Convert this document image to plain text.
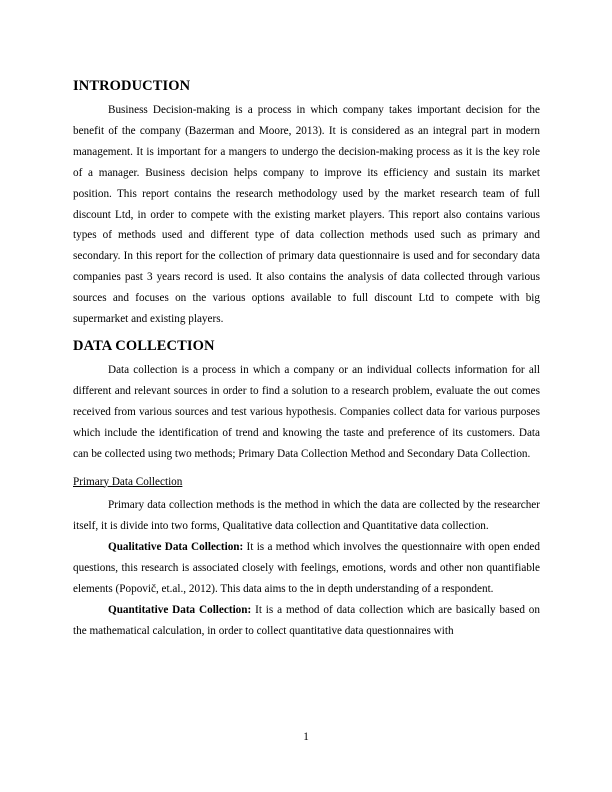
INTRODUCTION

Business Decision-making is a process in which company takes important decision for the benefit of the company (Bazerman and Moore, 2013). It is considered as an integral part in modern management. It is important for a mangers to undergo the decision-making process as it is the key role of a manager. Business decision helps company to improve its efficiency and sustain its market position. This report contains the research methodology used by the market research team of full discount Ltd, in order to compete with the existing market players. This report also contains various types of methods used and different type of data collection methods used such as primary and secondary. In this report for the collection of primary data questionnaire is used and for secondary data companies past 3 years record is used. It also contains the analysis of data collected through various sources and focuses on the various options available to full discount Ltd to compete with big supermarket and existing players.

DATA COLLECTION

Data collection is a process in which a company or an individual collects information for all different and relevant sources in order to find a solution to a research problem, evaluate the out comes received from various sources and test various hypothesis. Companies collect data for various purposes which include the identification of trend and knowing the taste and preference of its customers. Data can be collected using two methods; Primary Data Collection Method and Secondary Data Collection.

Primary Data Collection

Primary data collection methods is the method in which the data are collected by the researcher itself, it is divide into two forms, Qualitative data collection and Quantitative data collection.

Qualitative Data Collection: It is a method which involves the questionnaire with open ended questions, this research is associated closely with feelings, emotions, words and other non quantifiable elements (Popovič, et.al., 2012). This data aims to the in depth understanding of a respondent.

Quantitative Data Collection: It is a method of data collection which are basically based on the mathematical calculation, in order to collect quantitative data questionnaires with

1
